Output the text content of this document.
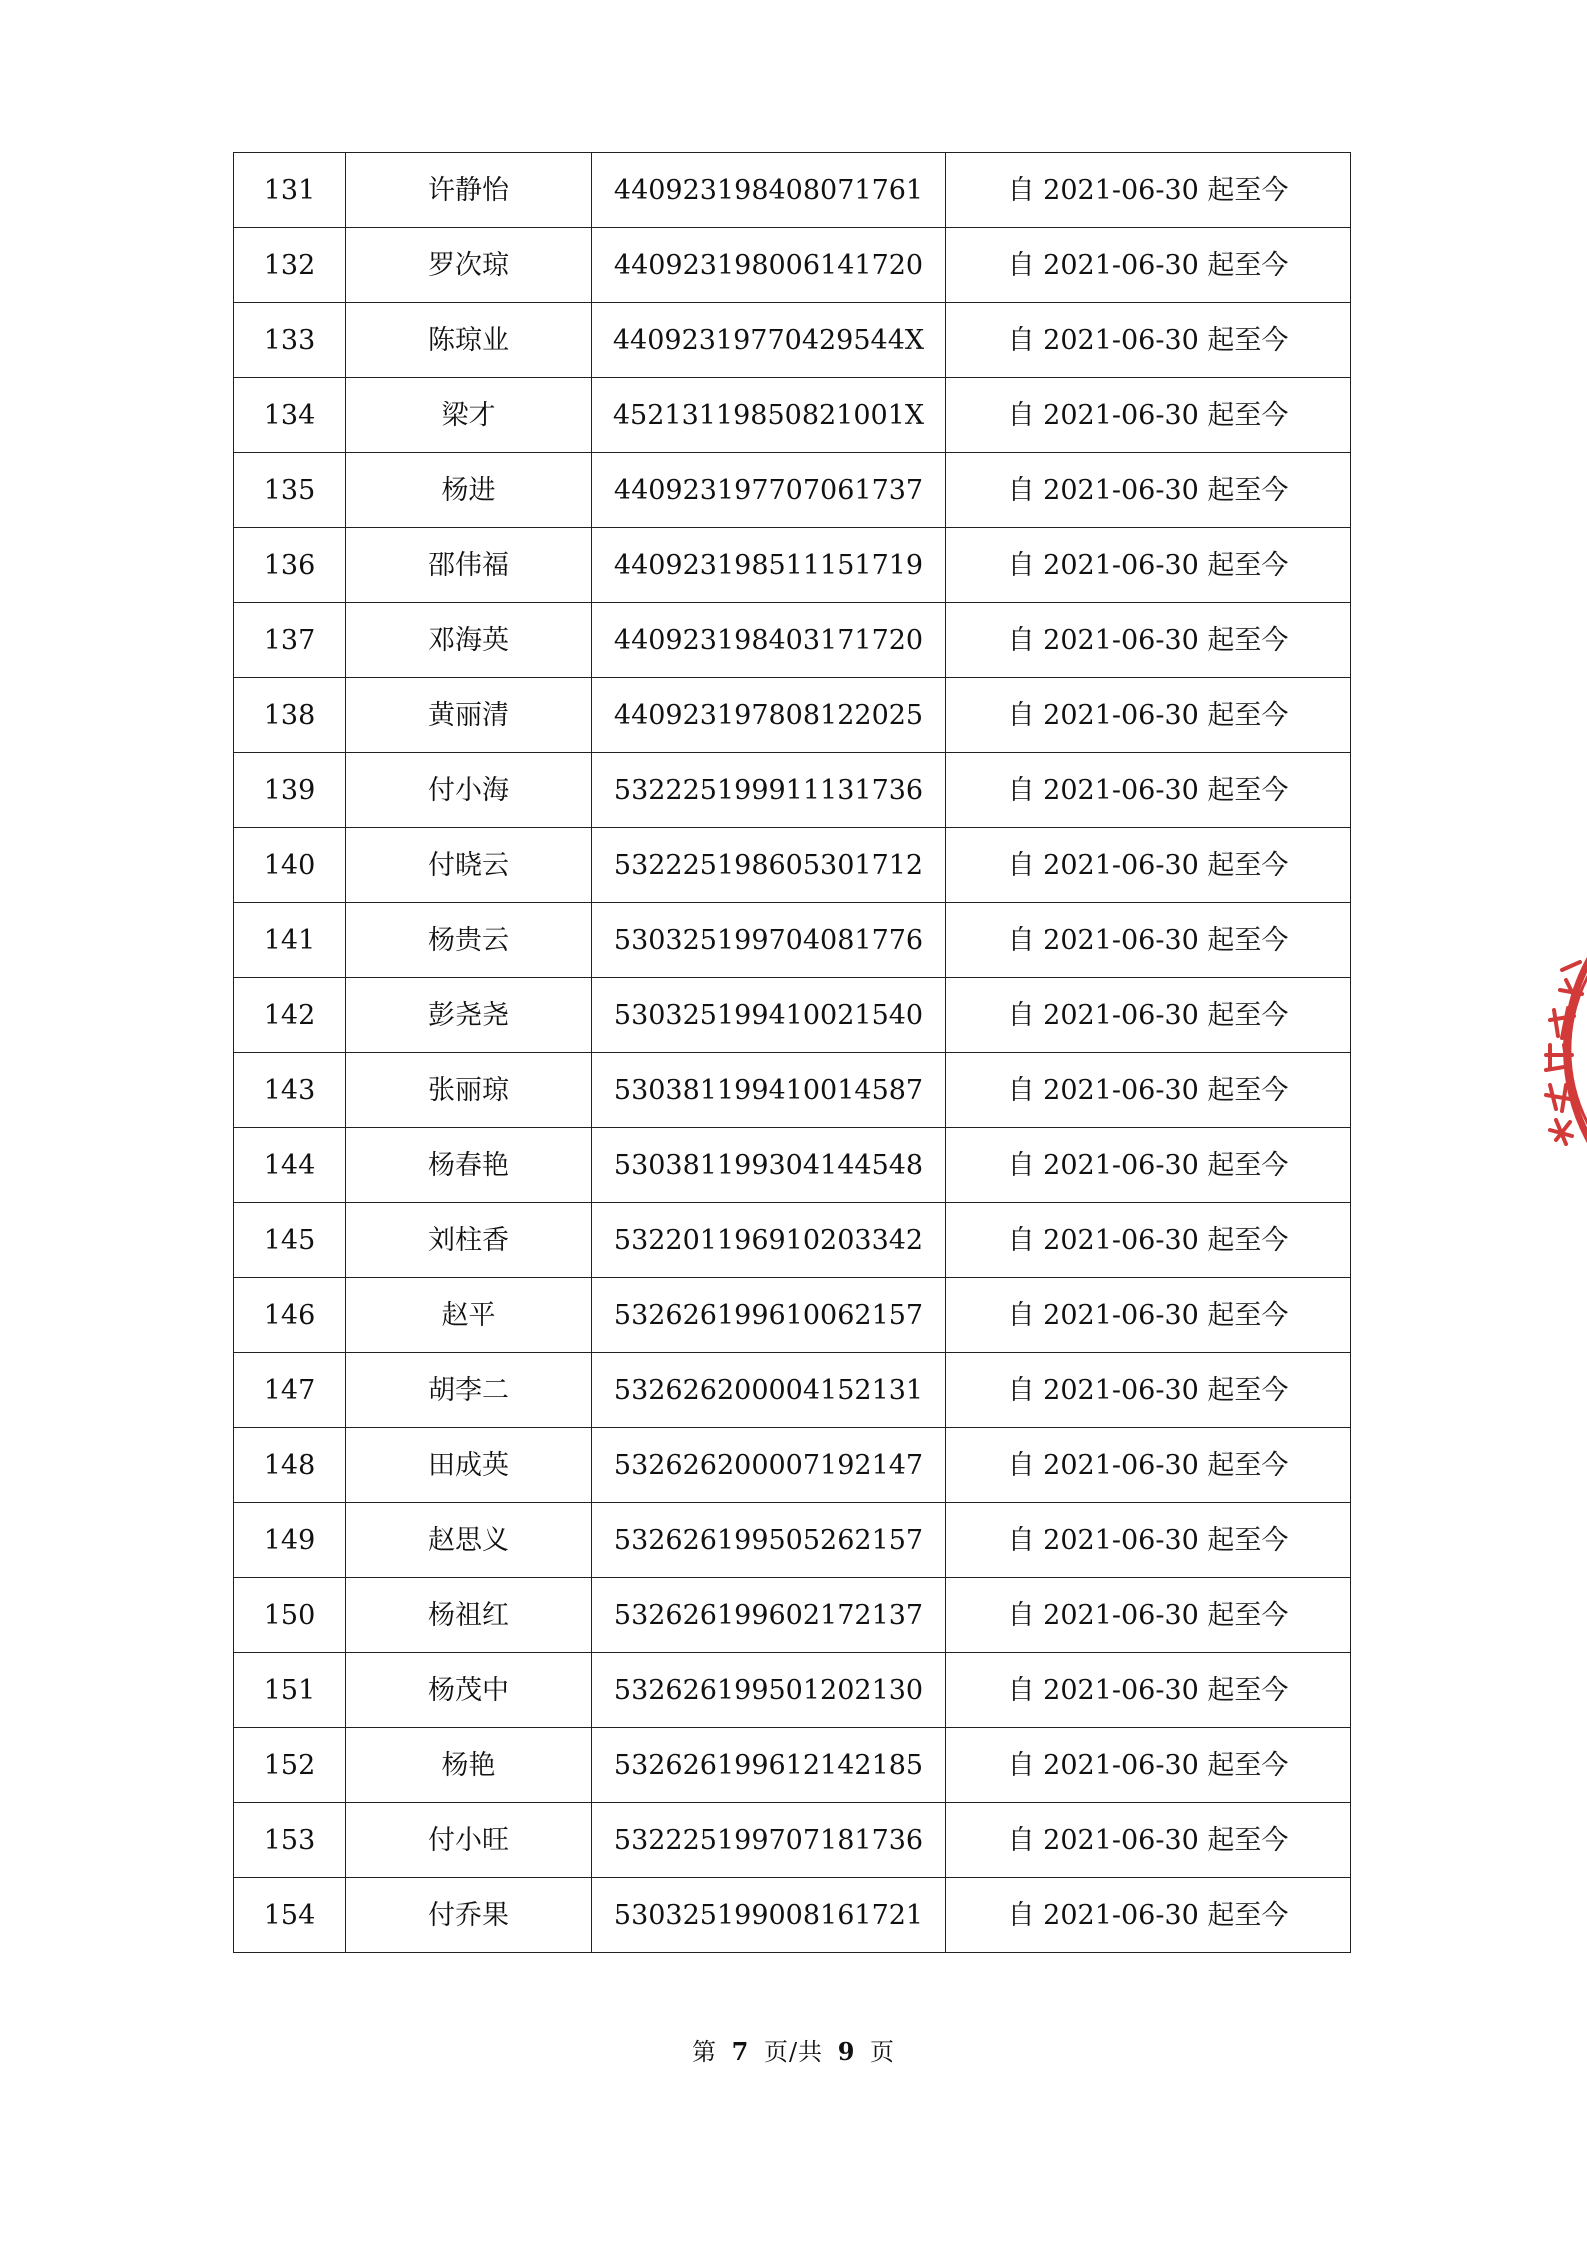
131	许静怡	440923198408071761	自 2021-06-30 起至今
132	罗次琼	440923198006141720	自 2021-06-30 起至今
133	陈琼业	44092319770429544X	自 2021-06-30 起至今
134	梁才	45213119850821001X	自 2021-06-30 起至今
135	杨进	440923197707061737	自 2021-06-30 起至今
136	邵伟福	440923198511151719	自 2021-06-30 起至今
137	邓海英	440923198403171720	自 2021-06-30 起至今
138	黄丽清	440923197808122025	自 2021-06-30 起至今
139	付小海	532225199911131736	自 2021-06-30 起至今
140	付晓云	532225198605301712	自 2021-06-30 起至今
141	杨贵云	530325199704081776	自 2021-06-30 起至今
142	彭尧尧	530325199410021540	自 2021-06-30 起至今
143	张丽琼	530381199410014587	自 2021-06-30 起至今
144	杨春艳	530381199304144548	自 2021-06-30 起至今
145	刘柱香	532201196910203342	自 2021-06-30 起至今
146	赵平	532626199610062157	自 2021-06-30 起至今
147	胡李二	532626200004152131	自 2021-06-30 起至今
148	田成英	532626200007192147	自 2021-06-30 起至今
149	赵思义	532626199505262157	自 2021-06-30 起至今
150	杨祖红	532626199602172137	自 2021-06-30 起至今
151	杨茂中	532626199501202130	自 2021-06-30 起至今
152	杨艳	532626199612142185	自 2021-06-30 起至今
153	付小旺	532225199707181736	自 2021-06-30 起至今
154	付乔果	530325199008161721	自 2021-06-30 起至今
第 7 页/共 9 页
